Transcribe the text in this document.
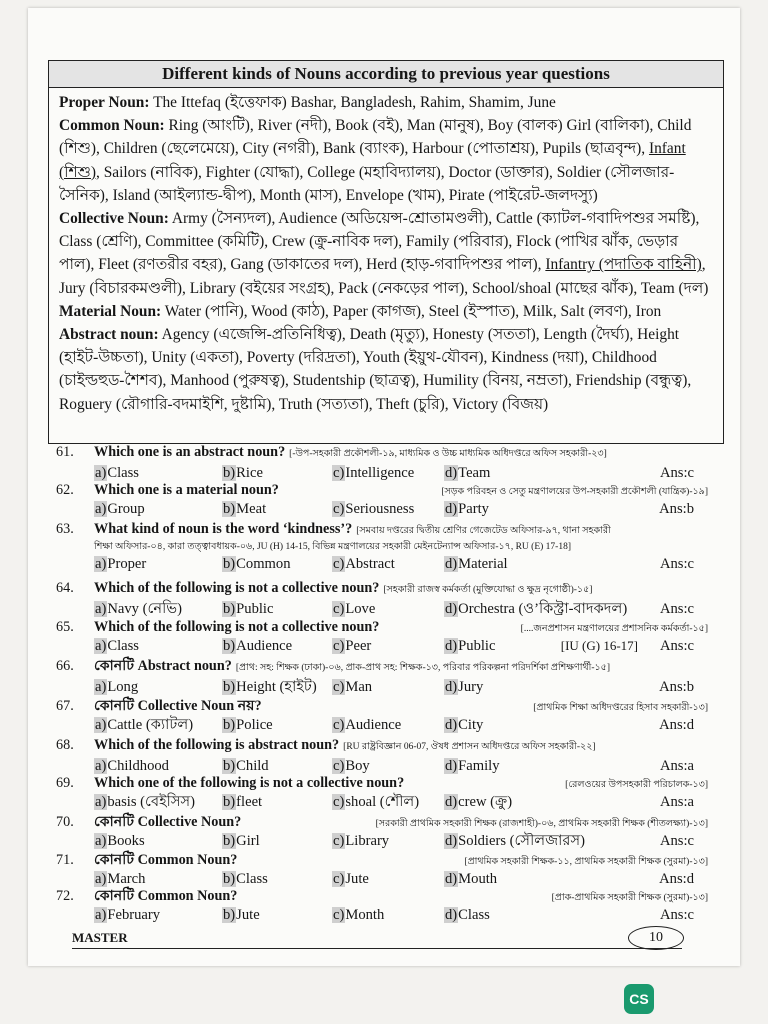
Different kinds of Nouns according to previous year questions

Proper Noun: The Ittefaq (ইত্তেফাক) Bashar, Bangladesh, Rahim, Shamim, June

Common Noun: Ring (আংটি), River (নদী), Book (বই), Man (মানুষ), Boy (বালক) Girl (বালিকা), Child (শিশু), Children (ছেলেমেয়ে), City (নগরী), Bank (ব্যাংক), Harbour (পোতাশ্রয়), Pupils (ছাত্রবৃন্দ), Infant (শিশু), Sailors (নাবিক), Fighter (যোদ্ধা), College (মহাবিদ্যালয়), Doctor (ডাক্তার), Soldier (সৌলজার-সৈনিক), Island (আইল্যান্ড-দ্বীপ), Month (মাস), Envelope (খাম), Pirate (পাইরেট-জলদস্যু)

Collective Noun: Army (সৈন্যদল), Audience (অডিয়েন্স-শ্রোতামণ্ডলী), Cattle (ক্যাটল-গবাদিপশুর সমষ্টি), Class (শ্রেণি), Committee (কমিটি), Crew (ক্রু-নাবিক দল), Family (পরিবার), Flock (পাখির ঝাঁক, ভেড়ার পাল), Fleet (রণতরীর বহর), Gang (ডাকাতের দল), Herd (হাড়-গবাদিপশুর পাল), Infantry (পদাতিক বাহিনী), Jury (বিচারকমণ্ডলী), Library (বইয়ের সংগ্রহ), Pack (নেকড়ের পাল), School/shoal (মাছের ঝাঁক), Team (দল)

Material Noun: Water (পানি), Wood (কাঠ), Paper (কাগজ), Steel (ইস্পাত), Milk, Salt (লবণ), Iron

Abstract noun: Agency (এজেন্সি-প্রতিনিধিত্ব), Death (মৃত্যু), Honesty (সততা), Length (দৈর্ঘ্য), Height (হাইট-উচ্চতা), Unity (একতা), Poverty (দরিদ্রতা), Youth (ইয়ুথ-যৌবন), Kindness (দয়া), Childhood (চাইল্ডহুড-শৈশব), Manhood (পুরুষত্ব), Studentship (ছাত্রত্ব), Humility (বিনয়, নম্রতা), Friendship (বন্ধুত্ব), Roguery (রৌগারি-বদমাইশি, দুষ্টামি), Truth (সত্যতা), Theft (চুরি), Victory (বিজয়)

61. Which one is an abstract noun? [-উপ-সহকারী প্রকৌশলী-১৯, মাধ্যমিক ও উচ্চ মাধ্যমিক অধিদপ্তরে অফিস সহকারী-২৩]
a)Class	b)Rice	c)Intelligence d)Team	Ans:c
62. Which one is a material noun?	[সড়ক পরিবহন ও সেতু মন্ত্রণালয়ের উপ-সহকারী প্রকৌশলী (যান্ত্রিক)-১৯]
a)Group	b)Meat	c)Seriousness d)Party	Ans:b
63. What kind of noun is the word ‘kindness’? [সমবায় দপ্তরের দ্বিতীয় শ্রেণির গেজেটেড অফিসার-৯৭, থানা সহকারী
শিক্ষা অফিসার-০৪, কারা তত্ত্বাবধায়ক-০৬, JU (H) 14-15, বিভিন্ন মন্ত্রণালয়ের সহকারী মেইনটেন্যান্স অফিসার-১৭, RU (E) 17-18]
a)Proper	b)Common	c)Abstract	d)Material	Ans:c
64. Which of the following is not a collective noun? [সহকারী রাজস্ব কর্মকর্তা (মুক্তিযোদ্ধা ও ক্ষুদ্র নৃগোষ্ঠী)-১৫]
a)Navy (নেভি)	b)Public	c)Love	d)Orchestra (ও’কিস্ট্রা-বাদকদল) Ans:c
65. Which of the following is not a collective noun?	[....জনপ্রশাসন মন্ত্রণালয়ের প্রশাসনিক কর্মকর্তা-১৫]
a)Class	b)Audience	c)Peer	d)Public	[IU (G) 16-17] Ans:c
66. কোনটি Abstract noun? [প্রাথ: সহ: শিক্ষক (ঢাকা)-০৬, প্রাক-প্রাথ সহ: শিক্ষক-১৩, পরিবার পরিকল্পনা পরিদর্শিকা প্রশিক্ষণার্থী-১৫]
a)Long	b)Height (হাইট) c)Man	d)Jury	Ans:b
67. কোনটি Collective Noun নয়?	[প্রাথমিক শিক্ষা অধিদপ্তরের হিসাব সহকারী-১৩]
a)Cattle (ক্যাটল) b)Police	c)Audience	d)City	Ans:d
68. Which of the following is abstract noun? [RU রাষ্ট্রবিজ্ঞান 06-07, ঔষধ প্রশাসন অধিদপ্তরে অফিস সহকারী-২২]
a)Childhood	b)Child	c)Boy	d)Family	Ans:a
69. Which one of the following is not a collective noun?	[রেলওয়ের উপসহকারী পরিচালক-১৩]
a)basis (বেইসিস) b)fleet	c)shoal (শৌল) d)crew (ক্রু)	Ans:a
70. কোনটি Collective Noun?	[সরকারী প্রাথমিক সহকারী শিক্ষক (রাজশাহী)-০৬, প্রাথমিক সহকারী শিক্ষক (শীতলক্ষ্যা)-১৩]
a)Books	b)Girl	c)Library	d)Soldiers (সৌলজারস)	Ans:c
71. কোনটি Common Noun?	[প্রাথমিক সহকারী শিক্ষক-১১, প্রাথমিক সহকারী শিক্ষক (সুরমা)-১৩]
a)March	b)Class	c)Jute	d)Mouth	Ans:d
72. কোনটি Common Noun?	[প্রাক-প্রাথমিক সহকারী শিক্ষক (সুরমা)-১৩]
a)February	b)Jute	c)Month	d)Class	Ans:c
MASTER	10
CS
